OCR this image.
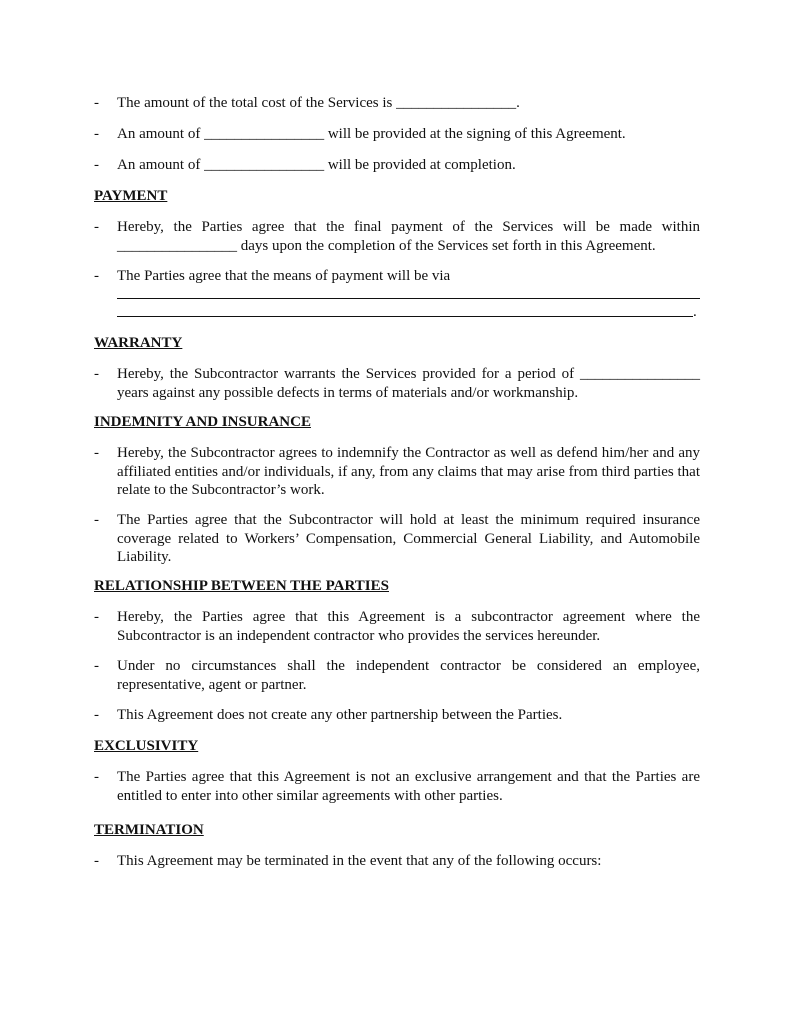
-	The amount of the total cost of the Services is ________________.
-	An amount of ________________ will be provided at the signing of this Agreement.
-	An amount of ________________ will be provided at completion.
PAYMENT
-	Hereby, the Parties agree that the final payment of the Services will be made within ________________ days upon the completion of the Services set forth in this Agreement.
-	The Parties agree that the means of payment will be via
.
WARRANTY
-	Hereby, the Subcontractor warrants the Services provided for a period of ________________ years against any possible defects in terms of materials and/or workmanship.
INDEMNITY AND INSURANCE
-	Hereby, the Subcontractor agrees to indemnify the Contractor as well as defend him/her and any affiliated entities and/or individuals, if any, from any claims that may arise from third parties that relate to the Subcontractor’s work.
-	The Parties agree that the Subcontractor will hold at least the minimum required insurance coverage related to Workers’ Compensation, Commercial General Liability, and Automobile Liability.
RELATIONSHIP BETWEEN THE PARTIES
-	Hereby, the Parties agree that this Agreement is a subcontractor agreement where the Subcontractor is an independent contractor who provides the services hereunder.
-	Under no circumstances shall the independent contractor be considered an employee, representative, agent or partner.
-	This Agreement does not create any other partnership between the Parties.
EXCLUSIVITY
-	The Parties agree that this Agreement is not an exclusive arrangement and that the Parties are entitled to enter into other similar agreements with other parties.
TERMINATION
-	This Agreement may be terminated in the event that any of the following occurs:
